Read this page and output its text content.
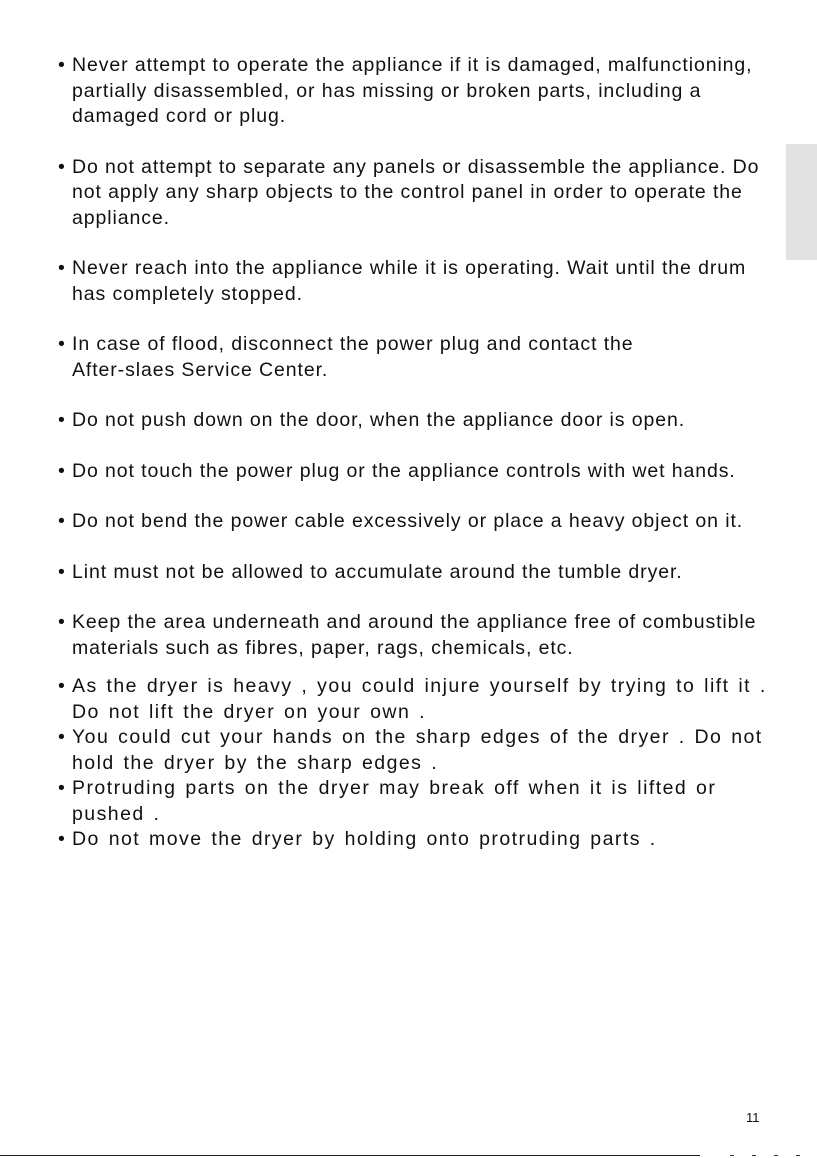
• Never attempt to operate the appliance if it is damaged, malfunctioning, partially disassembled, or has missing or broken parts, including a damaged cord or plug.
• Do not attempt to separate any panels or disassemble the appliance. Do not apply any sharp objects to the control panel in order to operate the appliance.
• Never reach into the appliance while it is operating. Wait until the drum has completely stopped.
• In case of flood, disconnect the power plug and contact the After-slaes Service Center.
• Do not push down on the door, when the appliance door is open.
• Do not touch the power plug or the appliance controls with wet hands.
• Do not bend the power cable excessively or place a heavy object on it.
• Lint must not be allowed to accumulate around the tumble dryer.
• Keep the area underneath and around the appliance free of combustible materials such as fibres, paper, rags, chemicals, etc.
• As the dryer is heavy , you could injure yourself by trying to lift it . Do not lift the dryer on your own .
• You could cut your hands on the sharp edges of the dryer . Do not hold the dryer by the sharp edges .
• Protruding parts on the dryer may break off when it is lifted or pushed .
• Do not move the dryer by holding onto protruding parts .
11
